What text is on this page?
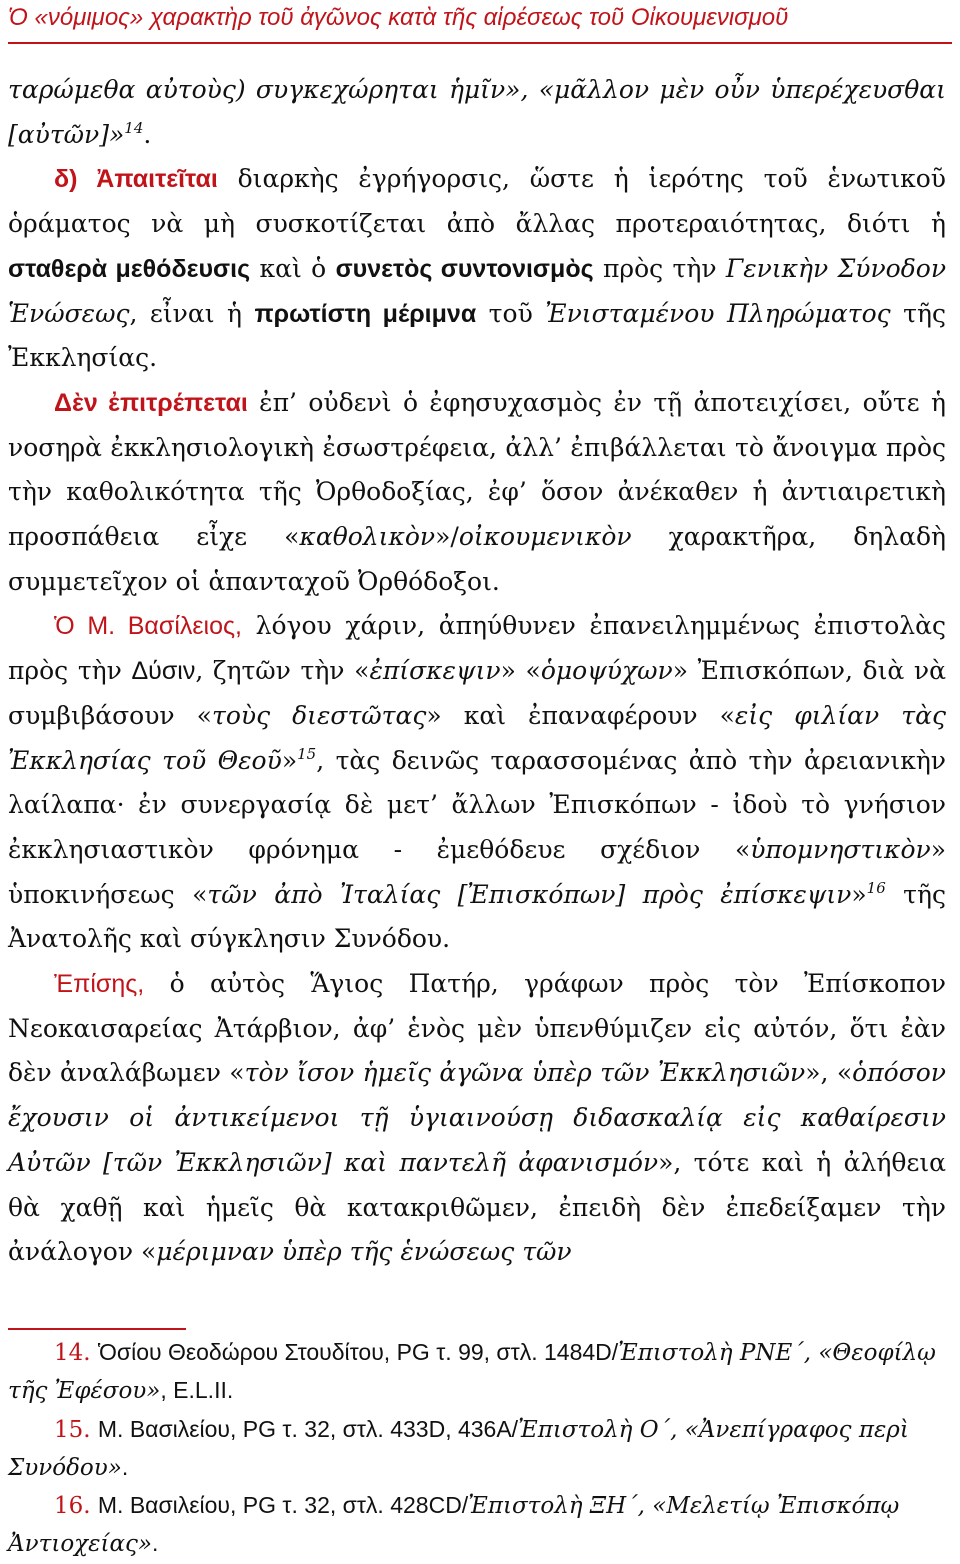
Ὁ «νόμιμος» χαρακτὴρ τοῦ ἀγῶνος κατὰ τῆς αἱρέσεως τοῦ Οἰκουμενισμοῦ

ταρώμεθα αὐτοὺς) συγκεχώρηται ἡμῖν», «μᾶλλον μὲν οὖν ὑπερέχευσθαι [αὐτῶν]»$^{14}$.

δ) Ἀπαιτεῖται διαρκὴς ἐγρήγορσις, ὥστε ἡ ἱερότης τοῦ ἑνωτικοῦ ὁράματος νὰ μὴ συσκοτίζεται ἀπὸ ἄλλας προτεραιότητας, διότι ἡ σταθερὰ μεθόδευσις καὶ ὁ συνετὸς συντονισμὸς πρὸς τὴν Γενικὴν Σύνοδον Ἑνώσεως, εἶναι ἡ πρωτίστη μέριμνα τοῦ Ἐνισταμένου Πληρώματος τῆς Ἐκκλησίας.

Δὲν ἐπιτρέπεται ἐπ’ οὐδενὶ ὁ ἐφησυχασμὸς ἐν τῇ ἀποτειχίσει, οὔτε ἡ νοσηρὰ ἐκκλησιολογικὴ ἐσωστρέφεια, ἀλλ’ ἐπιβάλλεται τὸ ἄνοιγμα πρὸς τὴν καθολικότητα τῆς Ὀρθοδοξίας, ἐφ’ ὅσον ἀνέκαθεν ἡ ἀντιαιρετικὴ προσπάθεια εἶχε «καθολικὸν»/οἰκουμενικὸν χαρακτῆρα, δηλαδὴ συμμετεῖχον οἱ ἁπανταχοῦ Ὀρθόδοξοι.

Ὁ Μ. Βασίλειος, λόγου χάριν, ἀπηύθυνεν ἐπανειλημμένως ἐπιστολὰς πρὸς τὴν Δύσιν, ζητῶν τὴν «ἐπίσκεψιν» «ὁμοψύχων» Ἐπισκόπων, διὰ νὰ συμβιβάσουν «τοὺς διεστῶτας» καὶ ἐπαναφέρουν «εἰς φιλίαν τὰς Ἐκκλησίας τοῦ Θεοῦ»$^{15}$, τὰς δεινῶς ταρασσομένας ἀπὸ τὴν ἀρειανικὴν λαίλαπα· ἐν συνεργασίᾳ δὲ μετ’ ἄλλων Ἐπισκόπων - ἰδοὺ τὸ γνήσιον ἐκκλησιαστικὸν φρόνημα - ἐμεθόδευε σχέδιον «ὑπομνηστικὸν» ὑποκινήσεως «τῶν ἀπὸ Ἰταλίας [Ἐπισκόπων] πρὸς ἐπίσκεψιν»$^{16}$ τῆς Ἀνατολῆς καὶ σύγκλησιν Συνόδου.

Ἐπίσης, ὁ αὐτὸς Ἅγιος Πατήρ, γράφων πρὸς τὸν Ἐπίσκοπον Νεοκαισαρείας Ἀτάρβιον, ἀφ’ ἑνὸς μὲν ὑπενθύμιζεν εἰς αὐτόν, ὅτι ἐὰν δὲν ἀναλάβωμεν «τὸν ἴσον ἡμεῖς ἀγῶνα ὑπὲρ τῶν Ἐκκλησιῶν», «ὁπόσον ἔχουσιν οἱ ἀντικείμενοι τῇ ὑγιαινούσῃ διδασκαλίᾳ εἰς καθαίρεσιν Αὐτῶν [τῶν Ἐκκλησιῶν] καὶ παντελῆ ἀφανισμόν», τότε καὶ ἡ ἀλήθεια θὰ χαθῇ καὶ ἡμεῖς θὰ κατακριθῶμεν, ἐπειδὴ δὲν ἐπεδείξαμεν τὴν ἀνάλογον «μέριμναν ὑπὲρ τῆς ἑνώσεως τῶν

14. Ὁσίου Θεοδώρου Στουδίτου, PG τ. 99, στλ. 1484D/Ἐπιστολὴ ΡΝΕ΄, «Θεοφίλῳ τῆς Ἐφέσου», E.L.II.

15. Μ. Βασιλείου, PG τ. 32, στλ. 433D, 436A/Ἐπιστολὴ Ο΄, «Ἀνεπίγραφος περὶ Συνόδου».

16. Μ. Βασιλείου, PG τ. 32, στλ. 428CD/Ἐπιστολὴ ΞΗ΄, «Μελετίῳ Ἐπισκόπῳ Ἀντιοχείας».
